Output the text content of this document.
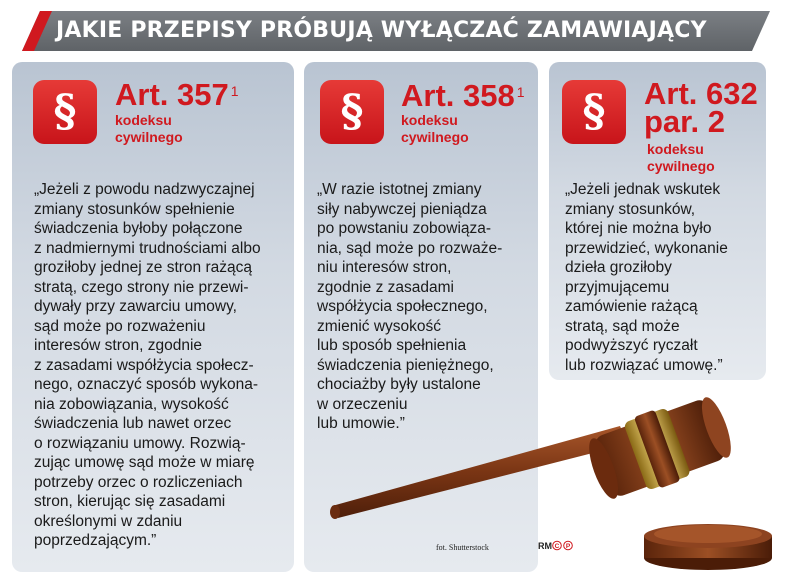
JAKIE PRZEPISY PRÓBUJĄ WYŁĄCZAĆ ZAMAWIAJĄCY
§	Art. 357 $^1$
kodeksu
cywilnego
„Jeżeli z powodu nadzwyczajnej
zmiany stosunków spełnienie
świadczenia byłoby połączone
z nadmiernymi trudnościami albo
groziłoby jednej ze stron rażącą
stratą, czego strony nie przewi-
dywały przy zawarciu umowy,
sąd może po rozważeniu
interesów stron, zgodnie
z zasadami współżycia społecz-
nego, oznaczyć sposób wykona-
nia zobowiązania, wysokość
świadczenia lub nawet orzec
o rozwiązaniu umowy. Rozwią-
zując umowę sąd może w miarę
potrzeby orzec o rozliczeniach
stron, kierując się zasadami
określonymi w zdaniu
poprzedzającym.”
§	Art. 358 $^1$
kodeksu
cywilnego
„W razie istotnej zmiany
siły nabywczej pieniądza
po powstaniu zobowiąza-
nia, sąd może po rozważe-
niu interesów stron,
zgodnie z zasadami
współżycia społecznego,
zmienić wysokość
lub sposób spełnienia
świadczenia pieniężnego,
chociażby były ustalone
w orzeczeniu
lub umowie.”
§	Art. 632
par. 2
kodeksu
cywilnego
„Jeżeli jednak wskutek
zmiany stosunków,
której nie można było
przewidzieć, wykonanie
dzieła groziłoby
przyjmującemu
zamówienie rażącą
stratą, sąd może
podwyższyć ryczałt
lub rozwiązać umowę.”
fot. Shutterstock	RM C P
